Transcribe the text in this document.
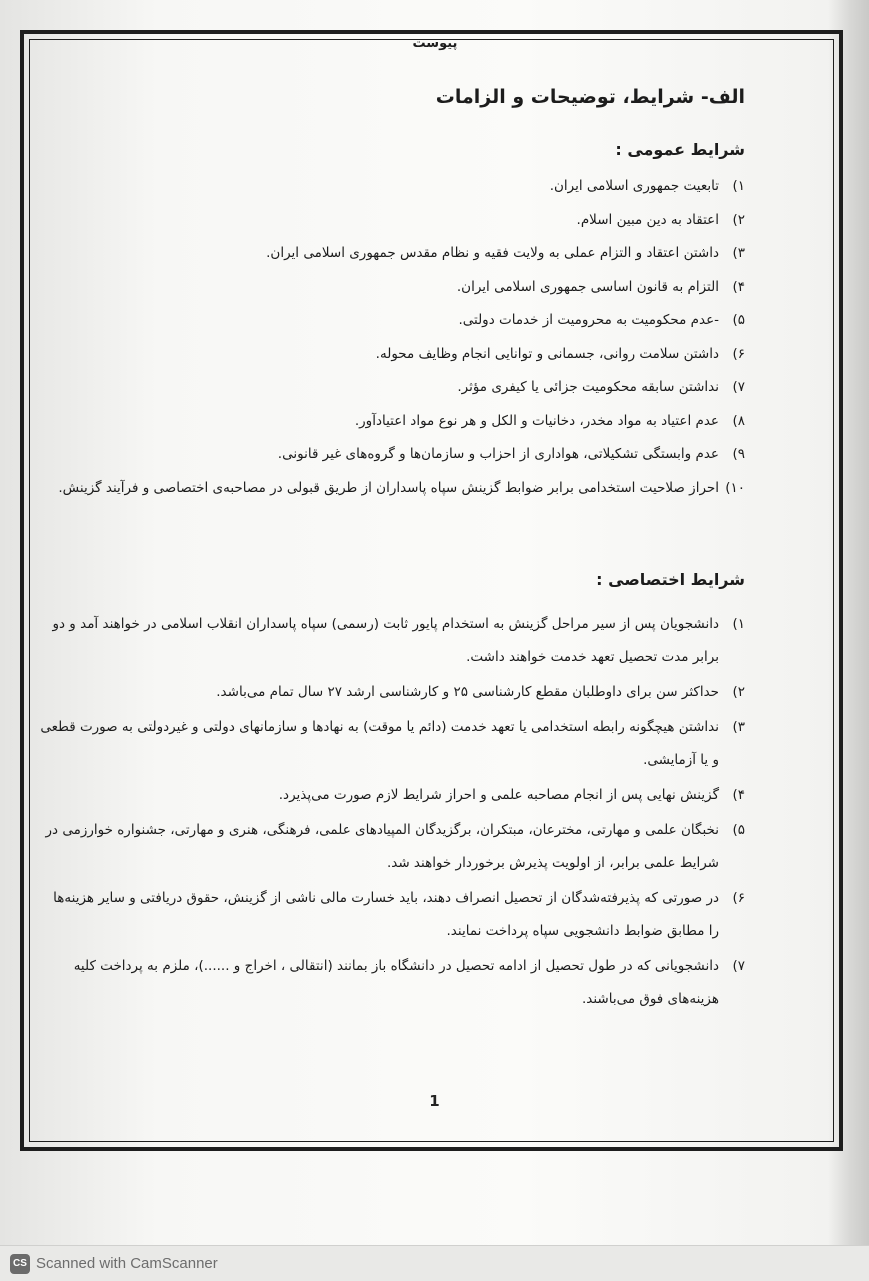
پیوست
الف- شرایط، توضیحات و الزامات
شرایط عمومی :
۱)
تابعیت جمهوری اسلامی ایران.
۲)
اعتقاد به دین مبین اسلام.
۳)
داشتن اعتقاد و التزام عملی به ولایت فقیه و نظام مقدس جمهوری اسلامی ایران.
۴)
التزام به قانون اساسی جمهوری اسلامی ایران.
۵)
-عدم محکومیت به محرومیت از خدمات دولتی.
۶)
داشتن سلامت روانی، جسمانی و توانایی انجام وظایف محوله.
۷)
نداشتن سابقه محکومیت جزائی یا کیفری مؤثر.
۸)
عدم اعتیاد به مواد مخدر، دخانیات و الکل و هر نوع مواد اعتیادآور.
۹)
عدم وابستگی تشکیلاتی، هواداری از احزاب و سازمان‌ها و گروه‌های غیر قانونی.
۱۰)
احراز صلاحیت استخدامی برابر ضوابط گزینش سپاه پاسداران از طریق قبولی در مصاحبه‌ی اختصاصی و فرآیند گزینش.
شرایط اختصاصی :
۱)
دانشجویان پس از سیر مراحل گزینش به استخدام پایور ثابت (رسمی) سپاه پاسداران انقلاب اسلامی در خواهند آمد و دو برابر مدت تحصیل تعهد خدمت خواهند داشت.
۲)
حداکثر سن برای داوطلبان مقطع کارشناسی ۲۵ و کارشناسی ارشد ۲۷ سال تمام می‌باشد.
۳)
نداشتن هیچگونه رابطه استخدامی یا تعهد خدمت (دائم یا موقت) به نهادها و سازمانهای دولتی و غیردولتی به صورت قطعی و یا آزمایشی.
۴)
گزینش نهایی پس از انجام مصاحبه علمی و احراز شرایط لازم صورت می‌پذیرد.
۵)
نخبگان علمی و مهارتی، مخترعان، مبتکران، برگزیدگان المپیادهای علمی، فرهنگی، هنری و مهارتی، جشنواره خوارزمی در شرایط علمی برابر، از اولویت پذیرش برخوردار خواهند شد.
۶)
در صورتی که پذیرفته‌شدگان از تحصیل انصراف دهند، باید خسارت مالی ناشی از گزینش، حقوق دریافتی و سایر هزینه‌ها را مطابق ضوابط دانشجویی سپاه پرداخت نمایند.
۷)
دانشجویانی که در طول تحصیل از ادامه تحصیل در دانشگاه باز بمانند (انتقالی ، اخراج و ......)، ملزم به پرداخت کلیه هزینه‌های فوق می‌باشند.
1
CS Scanned with CamScanner
